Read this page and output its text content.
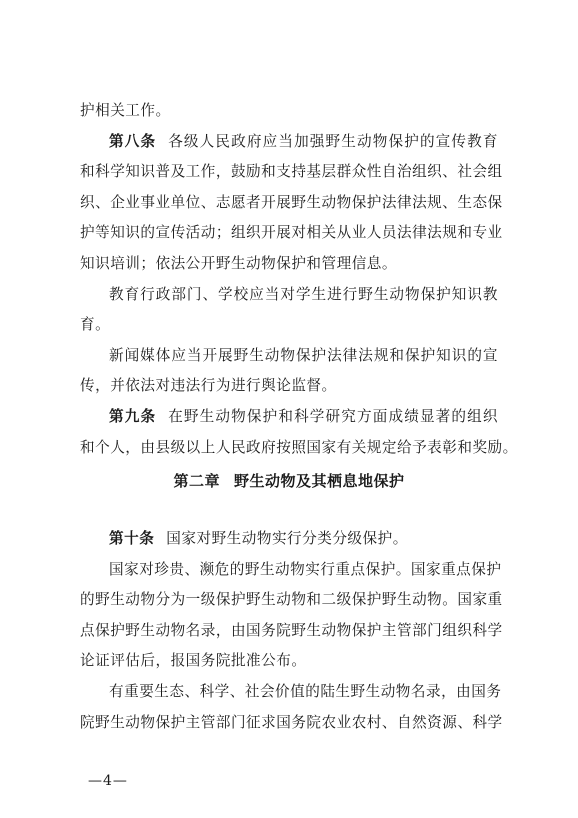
护相关工作。
第八条 各级人民政府应当加强野生动物保护的宣传教育
和科学知识普及工作，鼓励和支持基层群众性自治组织、社会组
织、企业事业单位、志愿者开展野生动物保护法律法规、生态保
护等知识的宣传活动；组织开展对相关从业人员法律法规和专业
知识培训；依法公开野生动物保护和管理信息。
教育行政部门、学校应当对学生进行野生动物保护知识教
育。
新闻媒体应当开展野生动物保护法律法规和保护知识的宣
传，并依法对违法行为进行舆论监督。
第九条 在野生动物保护和科学研究方面成绩显著的组织
和个人，由县级以上人民政府按照国家有关规定给予表彰和奖励。
第二章 野生动物及其栖息地保护
第十条 国家对野生动物实行分类分级保护。
国家对珍贵、濒危的野生动物实行重点保护。国家重点保护
的野生动物分为一级保护野生动物和二级保护野生动物。国家重
点保护野生动物名录，由国务院野生动物保护主管部门组织科学
论证评估后，报国务院批准公布。
有重要生态、科学、社会价值的陆生野生动物名录，由国务
院野生动物保护主管部门征求国务院农业农村、自然资源、科学
—4—
